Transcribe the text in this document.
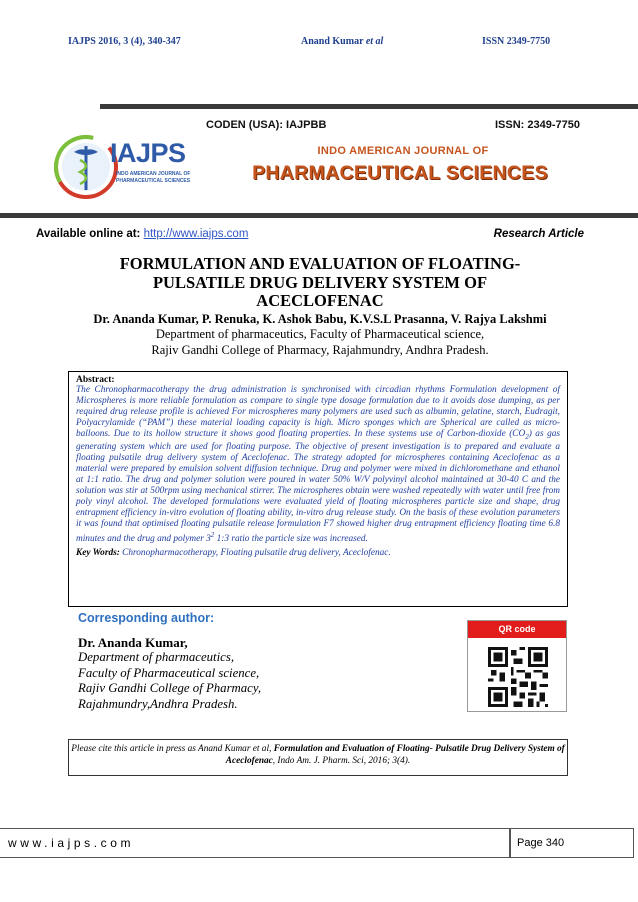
IAJPS 2016, 3 (4), 340-347	Anand Kumar et al	ISSN 2349-7750
IAJPS
INDO AMERICAN JOURNAL OF
PHARMACEUTICAL SCIENCES
CODEN (USA): IAJPBB	ISSN: 2349-7750
INDO AMERICAN JOURNAL OF
PHARMACEUTICAL SCIENCES
Available online at: http://www.iajps.com	Research Article
FORMULATION AND EVALUATION OF FLOATING-
PULSATILE DRUG DELIVERY SYSTEM OF
ACECLOFENAC
Dr. Ananda Kumar, P. Renuka, K. Ashok Babu, K.V.S.L Prasanna, V. Rajya Lakshmi
Department of pharmaceutics, Faculty of Pharmaceutical science,
Rajiv Gandhi College of Pharmacy, Rajahmundry, Andhra Pradesh.
Abstract:
The Chronopharmacotherapy the drug administration is synchronised with circadian rhythms Formulation development of Microspheres is more reliable formulation as compare to single type dosage formulation due to it avoids dose dumping, as per required drug release profile is achieved For microspheres many polymers are used such as albumin, gelatine, starch, Eudragit, Polyacrylamide (“PAM”) these material loading capacity is high. Micro sponges which are Spherical are called as micro-balloons. Due to its hollow structure it shows good floating properties. In these systems use of Carbon-dioxide $(CO_2)$ as gas generating system which are used for floating purpose. The objective of present investigation is to prepared and evaluate a floating pulsatile drug delivery system of Aceclofenac. The strategy adopted for microspheres containing Aceclofenac as a material were prepared by emulsion solvent diffusion technique. Drug and polymer were mixed in dichloromethane and ethanol at 1:1 ratio. The drug and polymer solution were poured in water 50% W/V polyvinyl alcohol maintained at 30-40 C and the solution was stir at 500rpm using mechanical stirrer. The microspheres obtain were washed repeatedly with water until free from poly vinyl alcohol. The developed formulations were evaluated yield of floating microspheres particle size and shape, drug entrapment efficiency in-vitro evolution of floating ability, in-vitro drug release study. On the basis of these evolution parameters it was found that optimised floating pulsatile release formulation F7 showed higher drug entrapment efficiency floating time 6.8 minutes and the drug and polymer $3^2$ 1:3 ratio the particle size was increased.
Key Words: Chronopharmacotherapy, Floating pulsatile drug delivery, Aceclofenac.
Corresponding author:
Dr. Ananda Kumar,
Department of pharmaceutics,
Faculty of Pharmaceutical science,
Rajiv Gandhi College of Pharmacy,
Rajahmundry,Andhra Pradesh.
QR code
Please cite this article in press as Anand Kumar et al, Formulation and Evaluation of Floating- Pulsatile Drug Delivery System of Aceclofenac, Indo Am. J. Pharm. Sci, 2016; 3(4).
www.iajps.com	Page 340
